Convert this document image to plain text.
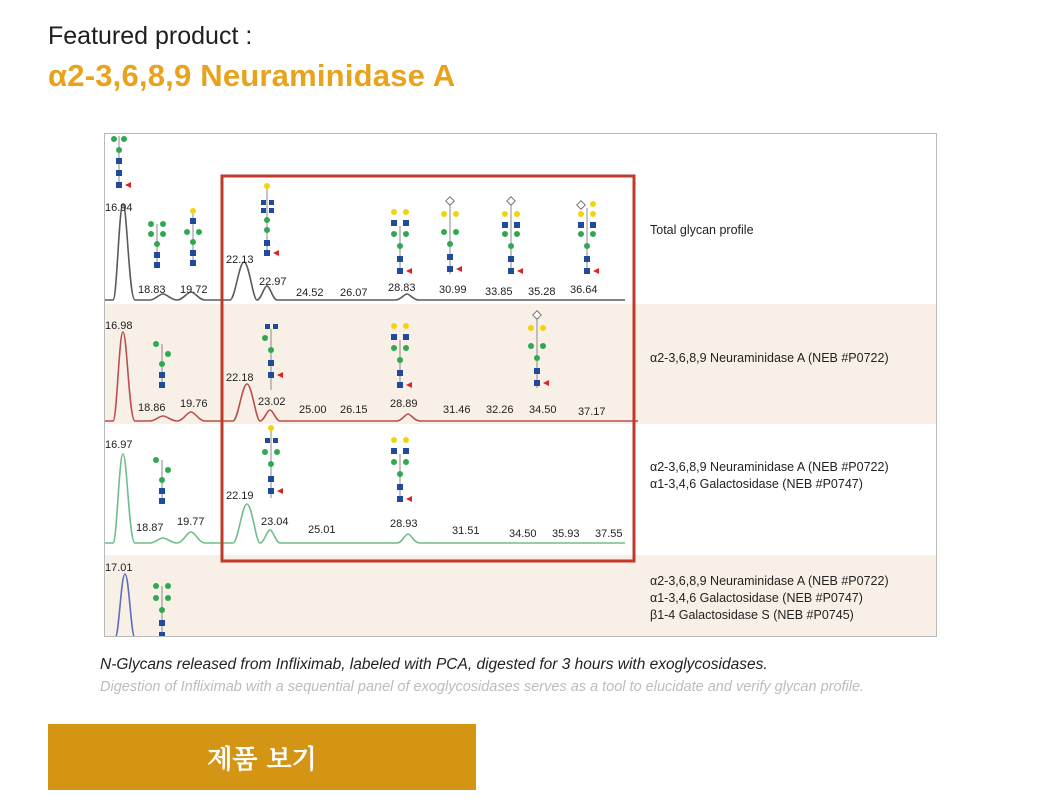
Featured product :
α2-3,6,8,9 Neuraminidase A
16.94
18.83 19.72
22.13
22.97
24.52 26.07 28.83 30.99 33.85 35.28 36.64
16.98
18.86 19.76
22.18
23.02
25.00 26.15 28.89 31.46 32.26 34.50 37.17
16.97
18.87 19.77
22.19
23.04
25.01	28.93
31.51	34.50 35.93 37.55
17.01
Total glycan profile
α2-3,6,8,9 Neuraminidase A (NEB #P0722)
α2-3,6,8,9 Neuraminidase A (NEB #P0722)
α1-3,4,6 Galactosidase (NEB #P0747)
α2-3,6,8,9 Neuraminidase A (NEB #P0722)
α1-3,4,6 Galactosidase (NEB #P0747)
β1-4 Galactosidase S (NEB #P0745)
N-Glycans released from Infliximab, labeled with PCA, digested for 3 hours with exoglycosidases.
Digestion of Infliximab with a sequential panel of exoglycosidases serves as a tool to elucidate and verify glycan profile.
제품 보기
